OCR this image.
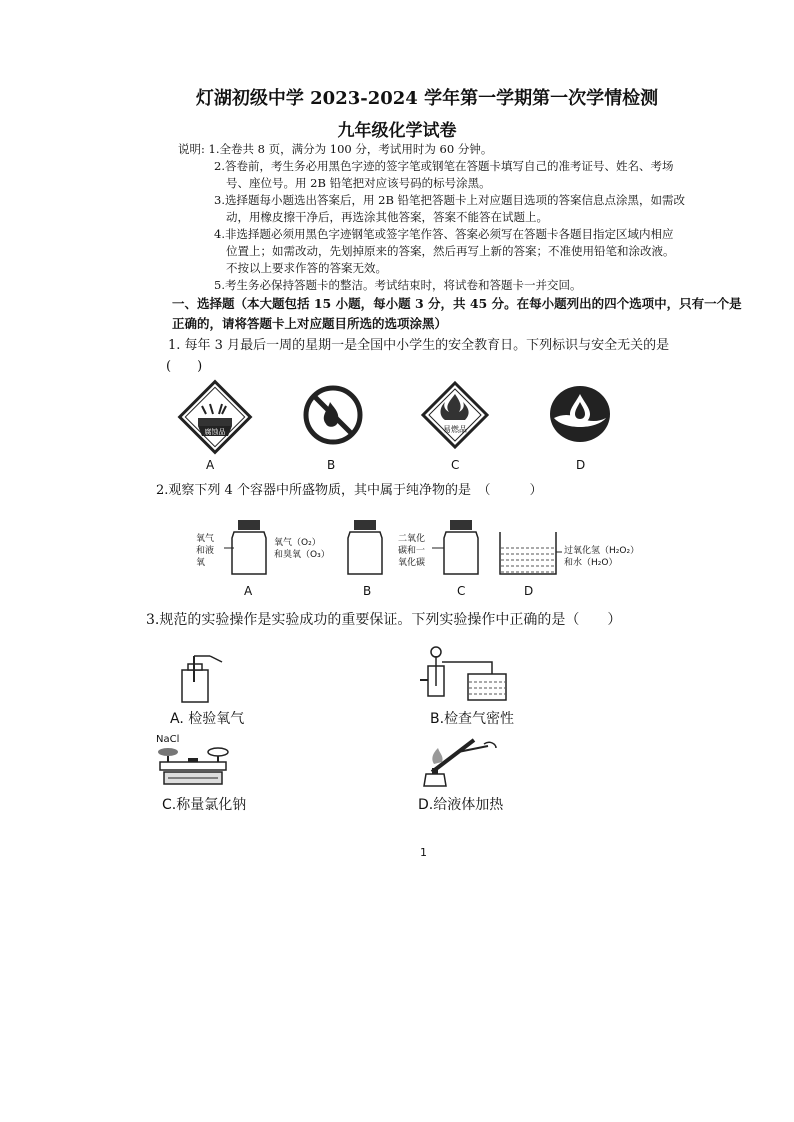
灯湖初级中学 2023-2024 学年第一学期第一次学情检测
九年级化学试卷
说明: 1.全卷共 8 页，满分为 100 分，考试用时为 60 分钟。
2.答卷前，考生务必用黑色字迹的签字笔或钢笔在答题卡填写自己的准考证号、姓名、考场
号、座位号。用 2B 铅笔把对应该号码的标号涂黑。
3.选择题每小题选出答案后，用 2B 铅笔把答题卡上对应题目选项的答案信息点涂黑，如需改
动，用橡皮擦干净后，再选涂其他答案，答案不能答在试题上。
4.非选择题必须用黑色字迹钢笔或签字笔作答、答案必须写在答题卡各题目指定区域内相应
位置上；如需改动，先划掉原来的答案，然后再写上新的答案；不准使用铅笔和涂改液。
不按以上要求作答的答案无效。
5.考生务必保持答题卡的整洁。考试结束时，将试卷和答题卡一并交回。
一、选择题（本大题包括 15 小题，每小题 3 分，共 45 分。在每小题列出的四个选项中，只有一个是
正确的，请将答题卡上对应题目所选的选项涂黑）
1. 每年 3 月最后一周的星期一是全国中小学生的安全教育日。下列标识与安全无关的是
(　　)
腐蚀品
A	B
易燃品
C	D
2.观察下列 4 个容器中所盛物质，其中属于纯净物的是　（　　　）
氧气
和液
氧
A
氧气（O₂）
和臭氧（O₃）
B
二氧化
碳和一
氧化碳
C
过氧化氢（H₂O₂）
和水（H₂O）
D
3.规范的实验操作是实验成功的重要保证。下列实验操作中正确的是（　　）
A. 检验氧气	B.检查气密性
NaCl
C.称量氯化钠	D.给液体加热
1
